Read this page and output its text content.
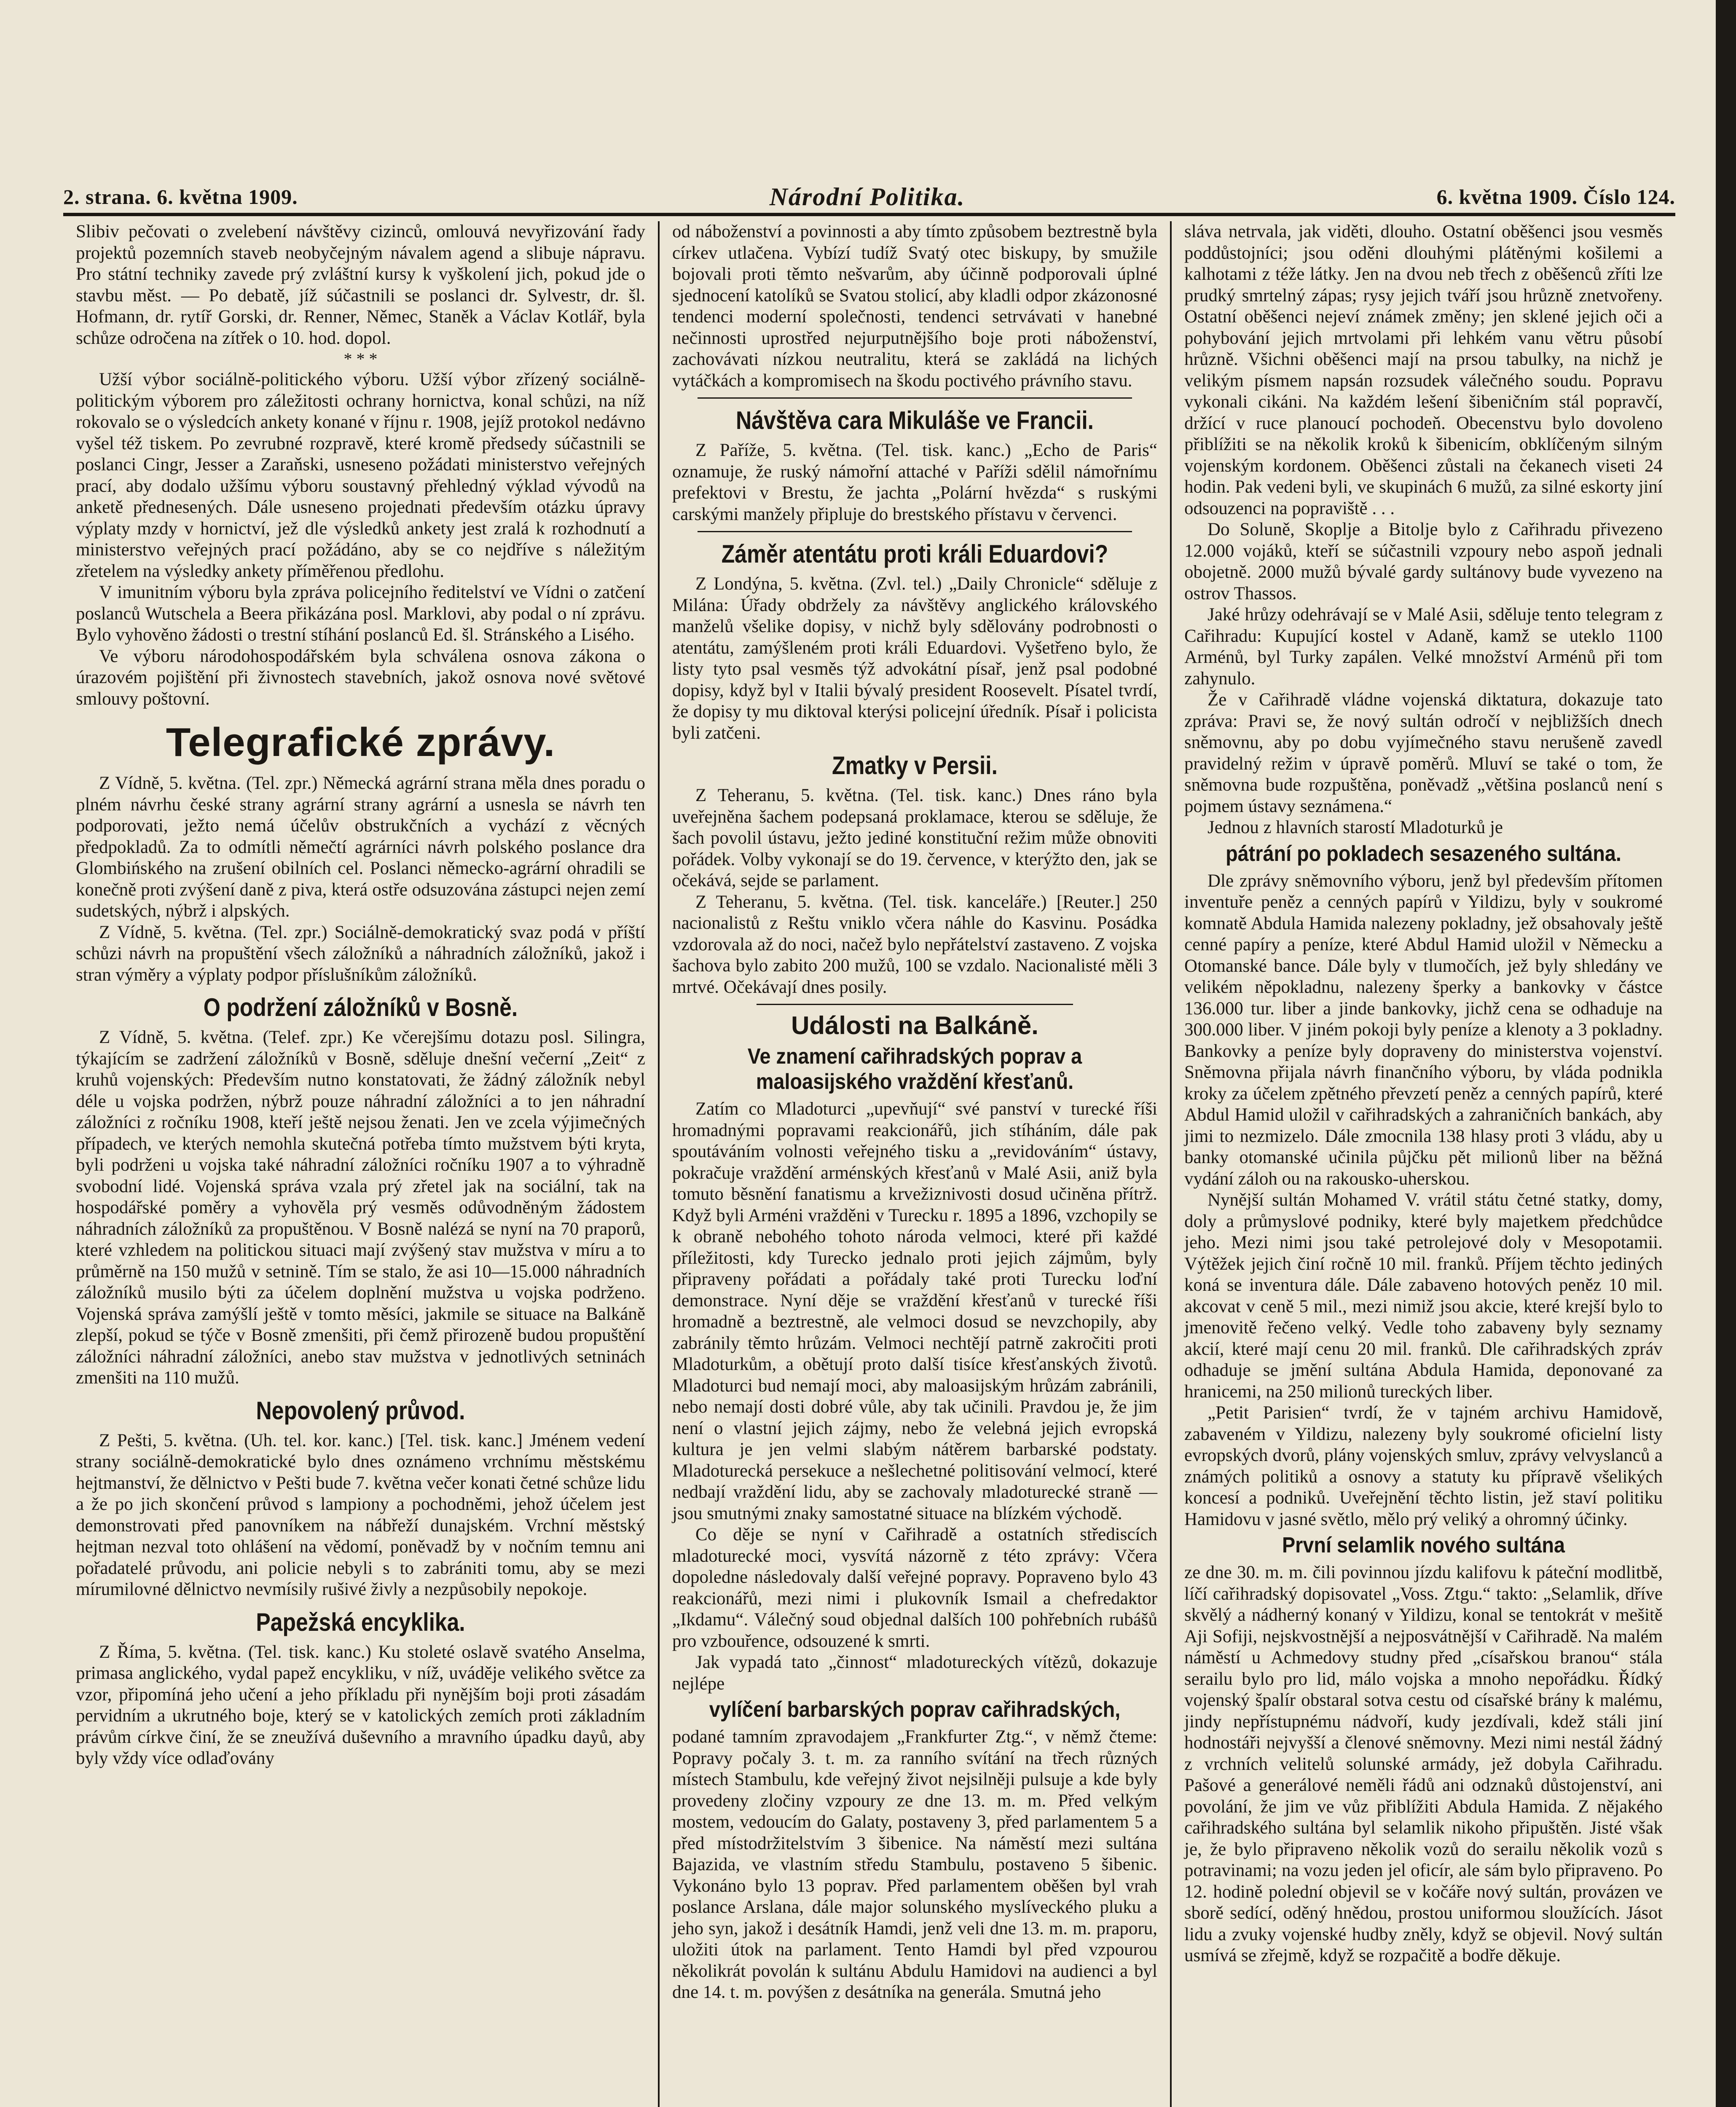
2. strana. 6. května 1909.	Národní Politika.	6. května 1909. Číslo 124.

Slibiv pečovati o zvelebení návštěvy cizinců, omlouvá nevyřizování řady projektů pozemních staveb neobyčejným návalem agend a slibuje nápravu. Pro státní techniky zavede prý zvláštní kursy k vyškolení jich, pokud jde o stavbu měst. — Po debatě, jíž súčastnili se poslanci dr. Sylvestr, dr. šl. Hofmann, dr. rytíř Gorski, dr. Renner, Němec, Staněk a Václav Kotlář, byla schůze odročena na zítřek o 10. hod. dopol.

* * *

Užší výbor sociálně-politického výboru. Užší výbor zřízený sociálně-politickým výborem pro záležitosti ochrany hornictva, konal schůzi, na níž rokovalo se o výsledcích ankety konané v říjnu r. 1908, jejíž protokol nedávno vyšel též tiskem. Po zevrubné rozpravě, které kromě předsedy súčastnili se poslanci Cingr, Jesser a Zaraňski, usneseno požádati ministerstvo veřejných prací, aby dodalo užšímu výboru soustavný přehledný výklad vývodů na anketě přednesených. Dále usneseno projednati především otázku úpravy výplaty mzdy v hornictví, jež dle výsledků ankety jest zralá k rozhodnutí a ministerstvo veřejných prací požádáno, aby se co nejdříve s náležitým zřetelem na výsledky ankety příměřenou předlohu.

V imunitním výboru byla zpráva policejního ředitelství ve Vídni o zatčení poslanců Wutschela a Beera přikázána posl. Marklovi, aby podal o ní zprávu. Bylo vyhověno žádosti o trestní stíhání poslanců Ed. šl. Stránského a Lisého.

Ve výboru národohospodářském byla schválena osnova zákona o úrazovém pojištění při živnostech stavebních, jakož osnova nové světové smlouvy poštovní.

Telegrafické zprávy.

Z Vídně, 5. května. (Tel. zpr.) Německá agrární strana měla dnes poradu o plném návrhu české strany agrární strany agrární a usnesla se návrh ten podporovati, ježto nemá účelův obstrukčních a vychází z věcných předpokladů. Za to odmítli němečtí agrárníci návrh polského poslance dra Glombińského na zrušení obilních cel. Poslanci německo-agrární ohradili se konečně proti zvýšení daně z piva, která ostře odsuzována zástupci nejen zemí sudetských, nýbrž i alpských.

Z Vídně, 5. května. (Tel. zpr.) Sociálně-demokratický svaz podá v příští schůzi návrh na propuštění všech záložníků a náhradních záložníků, jakož i stran výměry a výplaty podpor příslušníkům záložníků.

O podržení záložníků v Bosně.

Z Vídně, 5. května. (Telef. zpr.) Ke včerejšímu dotazu posl. Silingra, týkajícím se zadržení záložníků v Bosně, sděluje dnešní večerní „Zeit“ z kruhů vojenských: Především nutno konstatovati, že žádný záložník nebyl déle u vojska podržen, nýbrž pouze náhradní záložníci a to jen náhradní záložníci z ročníku 1908, kteří ještě nejsou ženati. Jen ve zcela výjimečných případech, ve kterých nemohla skutečná potřeba tímto mužstvem býti kryta, byli podrženi u vojska také náhradní záložníci ročníku 1907 a to výhradně svobodní lidé. Vojenská správa vzala prý zřetel jak na sociální, tak na hospodářské poměry a vyhověla prý vesměs odůvodněným žádostem náhradních záložníků za propuštěnou. V Bosně nalézá se nyní na 70 praporů, které vzhledem na politickou situaci mají zvýšený stav mužstva v míru a to průměrně na 150 mužů v setnině. Tím se stalo, že asi 10—15.000 náhradních záložníků musilo býti za účelem doplnění mužstva u vojska podrženo. Vojenská správa zamýšlí ještě v tomto měsíci, jakmile se situace na Balkáně zlepší, pokud se týče v Bosně zmenšiti, při čemž přirozeně budou propuštění záložníci náhradní záložníci, anebo stav mužstva v jednotlivých setninách zmenšiti na 110 mužů.

Nepovolený průvod.

Z Pešti, 5. května. (Uh. tel. kor. kanc.) [Tel. tisk. kanc.] Jménem vedení strany sociálně-demokratické bylo dnes oznámeno vrchnímu městskému hejtmanství, že dělnictvo v Pešti bude 7. května večer konati četné schůze lidu a že po jich skončení průvod s lampiony a pochodněmi, jehož účelem jest demonstrovati před panovníkem na nábřeží dunajském. Vrchní městský hejtman nezval toto ohlášení na vědomí, poněvadž by v nočním temnu ani pořadatelé průvodu, ani policie nebyli s to zabrániti tomu, aby se mezi mírumilovné dělnictvo nevmísily rušivé živly a nezpůsobily nepokoje.

Papežská encyklika.

Z Říma, 5. května. (Tel. tisk. kanc.) Ku stoleté oslavě svatého Anselma, primasa anglického, vydal papež encykliku, v níž, uváděje velikého světce za vzor, připomíná jeho učení a jeho příkladu při nynějším boji proti zásadám pervidním a ukrutného boje, který se v katolických zemích proti základním právům církve činí, že se zneužívá duševního a mravního úpadku dayů, aby byly vždy více odlaďovány

od náboženství a povinnosti a aby tímto způsobem beztrestně byla církev utlačena. Vybízí tudíž Svatý otec biskupy, by smužile bojovali proti těmto nešvarům, aby účinně podporovali úplné sjednocení katolíků se Svatou stolicí, aby kladli odpor zkázonosné tendenci moderní společnosti, tendenci setrvávati v hanebné nečinnosti uprostřed nejurputnějšího boje proti náboženství, zachovávati nízkou neutralitu, která se zakládá na lichých vytáčkách a kompromisech na škodu poctivého právního stavu.

Návštěva cara Mikuláše ve Francii.

Z Paříže, 5. května. (Tel. tisk. kanc.) „Echo de Paris“ oznamuje, že ruský námořní attaché v Paříži sdělil námořnímu prefektovi v Brestu, že jachta „Polární hvězda“ s ruskými carskými manžely připluje do brestského přístavu v červenci.

Záměr atentátu proti králi Eduardovi?

Z Londýna, 5. května. (Zvl. tel.) „Daily Chronicle“ sděluje z Milána: Úřady obdržely za návštěvy anglického královského manželů všelike dopisy, v nichž byly sdělovány podrobnosti o atentátu, zamýšleném proti králi Eduardovi. Vyšetřeno bylo, že listy tyto psal vesměs týž advokátní písař, jenž psal podobné dopisy, když byl v Italii bývalý president Roosevelt. Písatel tvrdí, že dopisy ty mu diktoval kterýsi policejní úředník. Písař i policista byli zatčeni.

Zmatky v Persii.

Z Teheranu, 5. května. (Tel. tisk. kanc.) Dnes ráno byla uveřejněna šachem podepsaná proklamace, kterou se sděluje, že šach povolil ústavu, ježto jediné konstituční režim může obnoviti pořádek. Volby vykonají se do 19. července, v kterýžto den, jak se očekává, sejde se parlament.

Z Teheranu, 5. května. (Tel. tisk. kanceláře.) [Reuter.] 250 nacionalistů z Reštu vniklo včera náhle do Kasvinu. Posádka vzdorovala až do noci, načež bylo nepřátelství zastaveno. Z vojska šachova bylo zabito 200 mužů, 100 se vzdalo. Nacionalisté měli 3 mrtvé. Očekávají dnes posily.

Události na Balkáně.
Ve znamení cařihradských poprav a maloasijského vraždění křesťanů.

Zatím co Mladoturci „upevňují“ své panství v turecké říši hromadnými popravami reakcionářů, jich stíháním, dále pak spoutáváním volnosti veřejného tisku a „revidováním“ ústavy, pokračuje vraždění arménských křesťanů v Malé Asii, aniž byla tomuto běsnění fanatismu a krvežiznivosti dosud učiněna přítrž. Když byli Arméni vražděni v Turecku r. 1895 a 1896, vzchopily se k obraně nebohého tohoto národa velmoci, které při každé příležitosti, kdy Turecko jednalo proti jejich zájmům, byly připraveny pořádati a pořádaly také proti Turecku loďní demonstrace. Nyní děje se vraždění křesťanů v turecké říši hromadně a beztrestně, ale velmoci dosud se nevzchopily, aby zabránily těmto hrůzám. Velmoci nechtějí patrně zakročiti proti Mladoturkům, a obětují proto další tisíce křesťanských životů. Mladoturci bud nemají moci, aby maloasijským hrůzám zabránili, nebo nemají dosti dobré vůle, aby tak učinili. Pravdou je, že jim není o vlastní jejich zájmy, nebo že velebná jejich evropská kultura je jen velmi slabým nátěrem barbarské podstaty. Mladoturecká persekuce a nešlechetné politisování velmocí, které nedbají vraždění lidu, aby se zachovaly mladoturecké straně — jsou smutnými znaky samostatné situace na blízkém východě.

Co děje se nyní v Cařihradě a ostatních střediscích mladoturecké moci, vysvítá názorně z této zprávy: Včera dopoledne následovaly další veřejné popravy. Popraveno bylo 43 reakcionářů, mezi nimi i plukovník Ismail a chefredaktor „Ikdamu“. Válečný soud objednal dalších 100 pohřebních rubášů pro vzbouřence, odsouzené k smrti.

Jak vypadá tato „činnost“ mladotureckých vítězů, dokazuje nejlépe

vylíčení barbarských poprav cařihradských,

podané tamním zpravodajem „Frankfurter Ztg.“, v němž čteme: Popravy počaly 3. t. m. za ranního svítání na třech různých místech Stambulu, kde veřejný život nejsilněji pulsuje a kde byly provedeny zločiny vzpoury ze dne 13. m. m. Před velkým mostem, vedoucím do Galaty, postaveny 3, před parlamentem 5 a před místodržitelstvím 3 šibenice. Na náměstí mezi sultána Bajazida, ve vlastním středu Stambulu, postaveno 5 šibenic. Vykonáno bylo 13 poprav. Před parlamentem oběšen byl vrah poslance Arslana, dále major solunského myslíveckého pluku a jeho syn, jakož i desátník Hamdi, jenž veli dne 13. m. m. praporu, uložiti útok na parlament. Tento Hamdi byl před vzpourou několikrát povolán k sultánu Abdulu Hamidovi na audienci a byl dne 14. t. m. povýšen z desátníka na generála. Smutná jeho

sláva netrvala, jak viděti, dlouho. Ostatní oběšenci jsou vesměs poddůstojníci; jsou oděni dlouhými plátěnými košilemi a kalhotami z téže látky. Jen na dvou neb třech z oběšenců zříti lze prudký smrtelný zápas; rysy jejich tváří jsou hrůzně znetvořeny. Ostatní oběšenci nejeví známek změny; jen sklené jejich oči a pohybování jejich mrtvolami při lehkém vanu větru působí hrůzně. Všichni oběšenci mají na prsou tabulky, na nichž je velikým písmem napsán rozsudek válečného soudu. Popravu vykonali cikáni. Na každém lešení šibeničním stál popravčí, držící v ruce planoucí pochodeň. Obecenstvu bylo dovoleno přiblížiti se na několik kroků k šibenicím, obklíčeným silným vojenským kordonem. Oběšenci zůstali na čekanech viseti 24 hodin. Pak vedeni byli, ve skupinách 6 mužů, za silné eskorty jiní odsouzenci na popraviště . . .

Do Soluně, Skoplje a Bitolje bylo z Cařihradu přivezeno 12.000 vojáků, kteří se súčastnili vzpoury nebo aspoň jednali obojetně. 2000 mužů bývalé gardy sultánovy bude vyvezeno na ostrov Thassos.

Jaké hrůzy odehrávají se v Malé Asii, sděluje tento telegram z Cařihradu: Kupující kostel v Adaně, kamž se uteklo 1100 Arménů, byl Turky zapálen. Velké množství Arménů při tom zahynulo.

Že v Cařihradě vládne vojenská diktatura, dokazuje tato zpráva: Pravi se, že nový sultán odročí v nejbližších dnech sněmovnu, aby po dobu vyjímečného stavu nerušeně zavedl pravidelný režim v úpravě poměrů. Mluví se také o tom, že sněmovna bude rozpuštěna, poněvadž „většina poslanců není s pojmem ústavy seznámena.“

Jednou z hlavních starostí Mladoturků je

pátrání po pokladech sesazeného sultána.

Dle zprávy sněmovního výboru, jenž byl především přítomen inventuře peněz a cenných papírů v Yildizu, byly v soukromé komnatě Abdula Hamida nalezeny pokladny, jež obsahovaly ještě cenné papíry a peníze, které Abdul Hamid uložil v Německu a Otomanské bance. Dále byly v tlumočích, jež byly shledány ve velikém něpokladnu, nalezeny šperky a bankovky v částce 136.000 tur. liber a jinde bankovky, jichž cena se odhaduje na 300.000 liber. V jiném pokoji byly peníze a klenoty a 3 pokladny. Bankovky a peníze byly dopraveny do ministerstva vojenství. Sněmovna přijala návrh finančního výboru, by vláda podnikla kroky za účelem zpětného převzetí peněz a cenných papírů, které Abdul Hamid uložil v cařihradských a zahraničních bankách, aby jimi to nezmizelo. Dále zmocnila 138 hlasy proti 3 vládu, aby u banky otomanské učinila půjčku pět milionů liber na běžná vydání záloh ou na rakousko-uherskou.

Nynější sultán Mohamed V. vrátil státu četné statky, domy, doly a průmyslové podniky, které byly majetkem předchůdce jeho. Mezi nimi jsou také petrolejové doly v Mesopotamii. Výtěžek jejich činí ročně 10 mil. franků. Příjem těchto jediných koná se inventura dále. Dále zabaveno hotových peněz 10 mil. akcovat v ceně 5 mil., mezi nimiž jsou akcie, které krejší bylo to jmenovitě řečeno velký. Vedle toho zabaveny byly seznamy akcií, které mají cenu 20 mil. franků. Dle cařihradských zpráv odhaduje se jmění sultána Abdula Hamida, deponované za hranicemi, na 250 milionů tureckých liber.

„Petit Parisien“ tvrdí, že v tajném archivu Hamidově, zabaveném v Yildizu, nalezeny byly soukromé oficielní listy evropských dvorů, plány vojenských smluv, zprávy velvyslanců a známých politiků a osnovy a statuty ku přípravě všelikých koncesí a podniků. Uveřejnění těchto listin, jež staví politiku Hamidovu v jasné světlo, mělo prý veliký a ohromný účinky.

První selamlik nového sultána

ze dne 30. m. m. čili povinnou jízdu kalifovu k páteční modlitbě, líčí cařihradský dopisovatel „Voss. Ztgu.“ takto: „Selamlik, dříve skvělý a nádherný konaný v Yildizu, konal se tentokrát v mešitě Aji Sofiji, nejskvostnější a nejposvátnější v Cařihradě. Na malém náměstí u Achmedovy studny před „císařskou branou“ stála serailu bylo pro lid, málo vojska a mnoho nepořádku. Řídký vojenský špalír obstaral sotva cestu od císařské brány k malému, jindy nepřístupnému nádvoří, kudy jezdívali, kdež stáli jiní hodnostáři nejvyšší a členové sněmovny. Mezi nimi nestál žádný z vrchních velitelů solunské armády, jež dobyla Cařihradu. Pašové a generálové neměli řádů ani odznaků důstojenství, ani povolání, že jim ve vůz přiblížiti Abdula Hamida. Z nějakého cařihradského sultána byl selamlik nikoho připuštěn. Jisté však je, že bylo připraveno několik vozů do serailu několik vozů s potravinami; na vozu jeden jel oficír, ale sám bylo připraveno. Po 12. hodině polední objevil se v kočáře nový sultán, provázen ve sborě sedící, oděný hnědou, prostou uniformou sloužících. Jásot lidu a zvuky vojenské hudby zněly, když se objevil. Nový sultán usmívá se zřejmě, když se rozpačitě a bodře děkuje.
